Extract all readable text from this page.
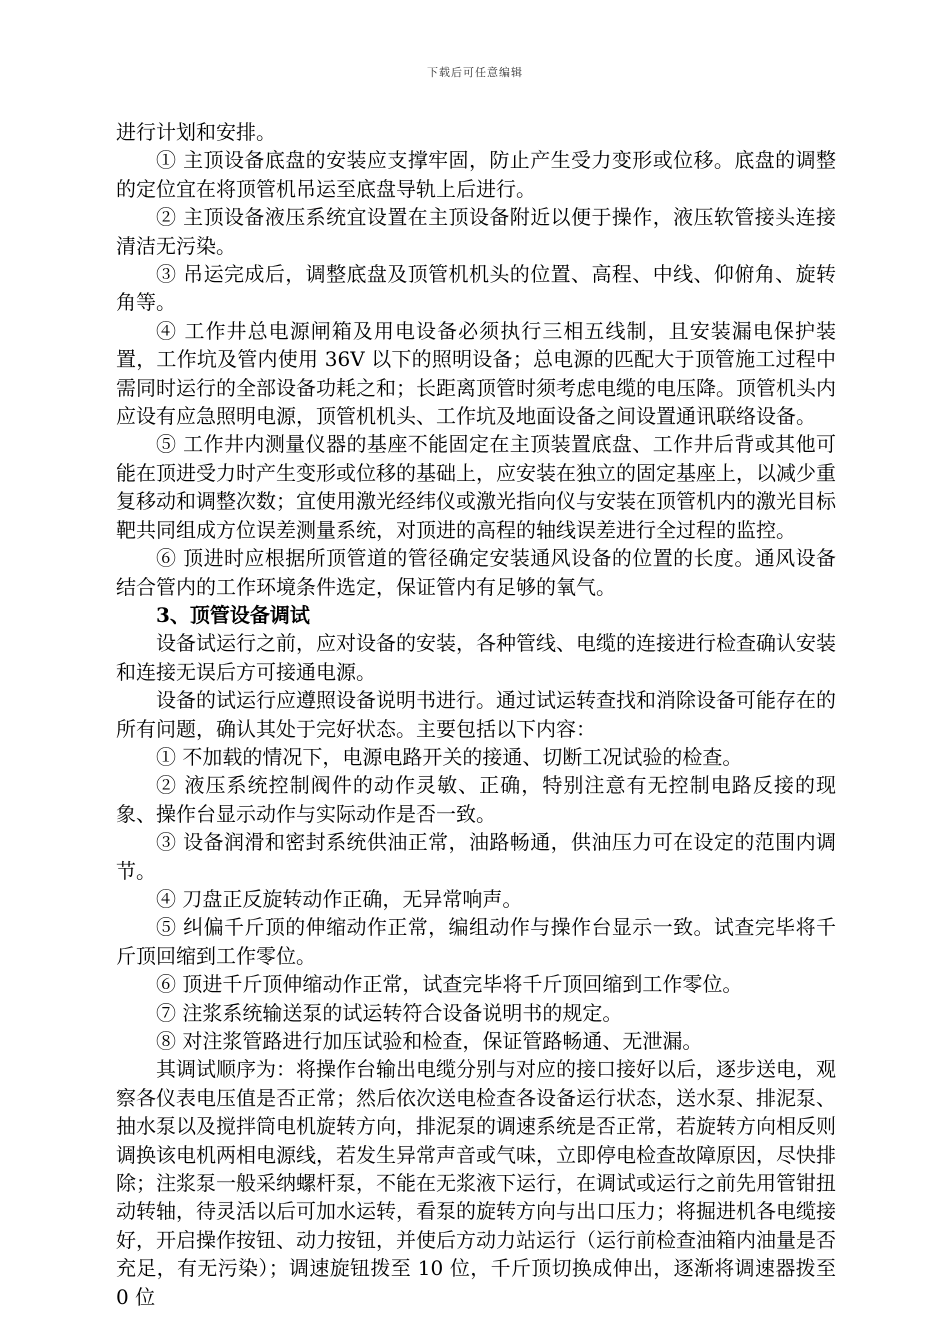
下载后可任意编辑

进行计划和安排。

① 主顶设备底盘的安装应支撑牢固，防止产生受力变形或位移。底盘的调整的定位宜在将顶管机吊运至底盘导轨上后进行。

② 主顶设备液压系统宜设置在主顶设备附近以便于操作，液压软管接头连接清洁无污染。

③ 吊运完成后，调整底盘及顶管机机头的位置、高程、中线、仰俯角、旋转角等。

④ 工作井总电源闸箱及用电设备必须执行三相五线制，且安装漏电保护装置，工作坑及管内使用 36V 以下的照明设备；总电源的匹配大于顶管施工过程中需同时运行的全部设备功耗之和；长距离顶管时须考虑电缆的电压降。顶管机头内应设有应急照明电源，顶管机机头、工作坑及地面设备之间设置通讯联络设备。

⑤ 工作井内测量仪器的基座不能固定在主顶装置底盘、工作井后背或其他可能在顶进受力时产生变形或位移的基础上，应安装在独立的固定基座上，以减少重复移动和调整次数；宜使用激光经纬仪或激光指向仪与安装在顶管机内的激光目标靶共同组成方位误差测量系统，对顶进的高程的轴线误差进行全过程的监控。

⑥ 顶进时应根据所顶管道的管径确定安装通风设备的位置的长度。通风设备结合管内的工作环境条件选定，保证管内有足够的氧气。

3、顶管设备调试

设备试运行之前，应对设备的安装，各种管线、电缆的连接进行检查确认安装和连接无误后方可接通电源。

设备的试运行应遵照设备说明书进行。通过试运转查找和消除设备可能存在的所有问题，确认其处于完好状态。主要包括以下内容：

① 不加载的情况下，电源电路开关的接通、切断工况试验的检查。

② 液压系统控制阀件的动作灵敏、正确，特别注意有无控制电路反接的现象、操作台显示动作与实际动作是否一致。

③ 设备润滑和密封系统供油正常，油路畅通，供油压力可在设定的范围内调节。

④ 刀盘正反旋转动作正确，无异常响声。

⑤ 纠偏千斤顶的伸缩动作正常，编组动作与操作台显示一致。试查完毕将千斤顶回缩到工作零位。

⑥ 顶进千斤顶伸缩动作正常，试查完毕将千斤顶回缩到工作零位。

⑦ 注浆系统输送泵的试运转符合设备说明书的规定。

⑧ 对注浆管路进行加压试验和检查，保证管路畅通、无泄漏。

其调试顺序为：将操作台输出电缆分别与对应的接口接好以后，逐步送电，观察各仪表电压值是否正常；然后依次送电检查各设备运行状态，送水泵、排泥泵、抽水泵以及搅拌筒电机旋转方向，排泥泵的调速系统是否正常，若旋转方向相反则调换该电机两相电源线，若发生异常声音或气味，立即停电检查故障原因，尽快排除；注浆泵一般采纳螺杆泵，不能在无浆液下运行，在调试或运行之前先用管钳扭动转轴，待灵活以后可加水运转，看泵的旋转方向与出口压力；将掘进机各电缆接好，开启操作按钮、动力按钮，并使后方动力站运行（运行前检查油箱内油量是否充足，有无污染）；调速旋钮拨至 10 位，千斤顶切换成伸出，逐渐将调速器拨至 0 位
